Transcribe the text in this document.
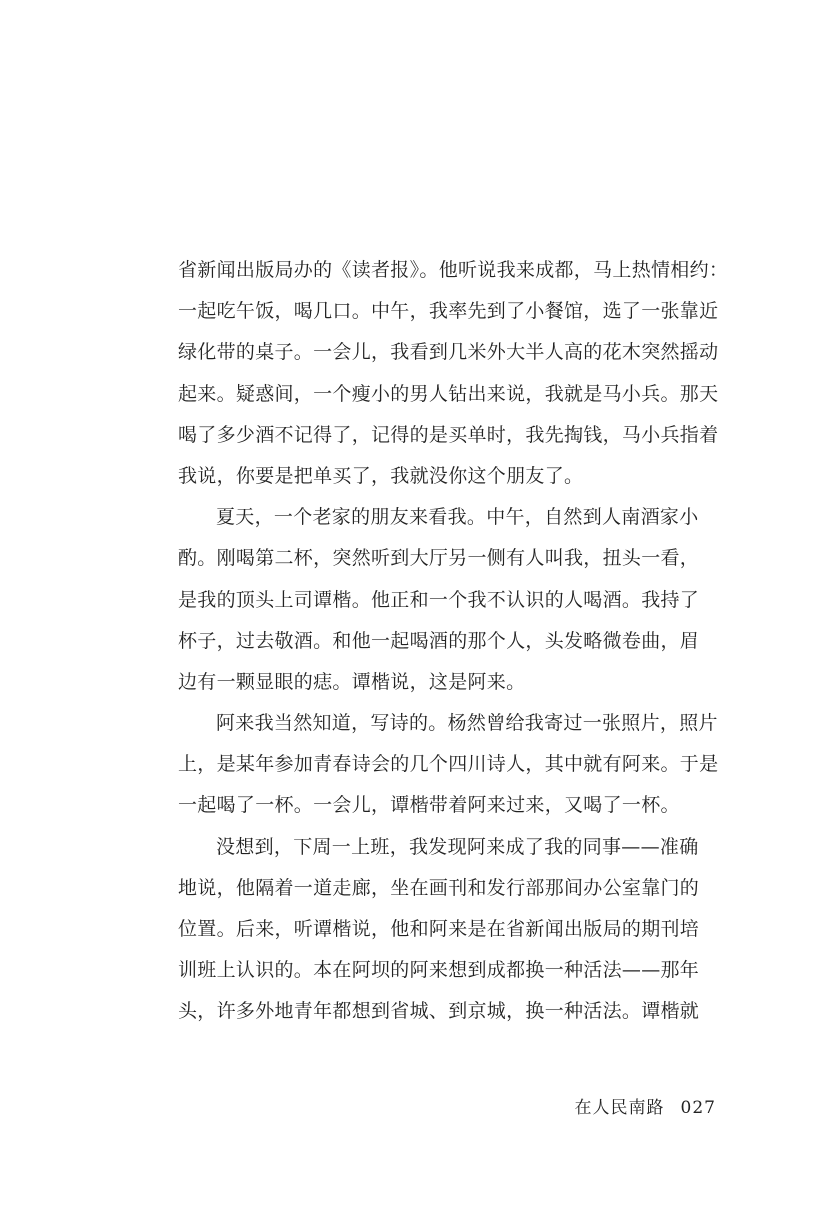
省新闻出版局办的《读者报》。他听说我来成都，马上热情相约：
一起吃午饭，喝几口。中午，我率先到了小餐馆，选了一张靠近
绿化带的桌子。一会儿，我看到几米外大半人高的花木突然摇动
起来。疑惑间，一个瘦小的男人钻出来说，我就是马小兵。那天
喝了多少酒不记得了，记得的是买单时，我先掏钱，马小兵指着
我说，你要是把单买了，我就没你这个朋友了。
夏天，一个老家的朋友来看我。中午，自然到人南酒家小
酌。刚喝第二杯，突然听到大厅另一侧有人叫我，扭头一看，
是我的顶头上司谭楷。他正和一个我不认识的人喝酒。我持了
杯子，过去敬酒。和他一起喝酒的那个人，头发略微卷曲，眉
边有一颗显眼的痣。谭楷说，这是阿来。
阿来我当然知道，写诗的。杨然曾给我寄过一张照片，照片
上，是某年参加青春诗会的几个四川诗人，其中就有阿来。于是
一起喝了一杯。一会儿，谭楷带着阿来过来，又喝了一杯。
没想到，下周一上班，我发现阿来成了我的同事——准确
地说，他隔着一道走廊，坐在画刊和发行部那间办公室靠门的
位置。后来，听谭楷说，他和阿来是在省新闻出版局的期刊培
训班上认识的。本在阿坝的阿来想到成都换一种活法——那年
头，许多外地青年都想到省城、到京城，换一种活法。谭楷就
在人民南路 027
